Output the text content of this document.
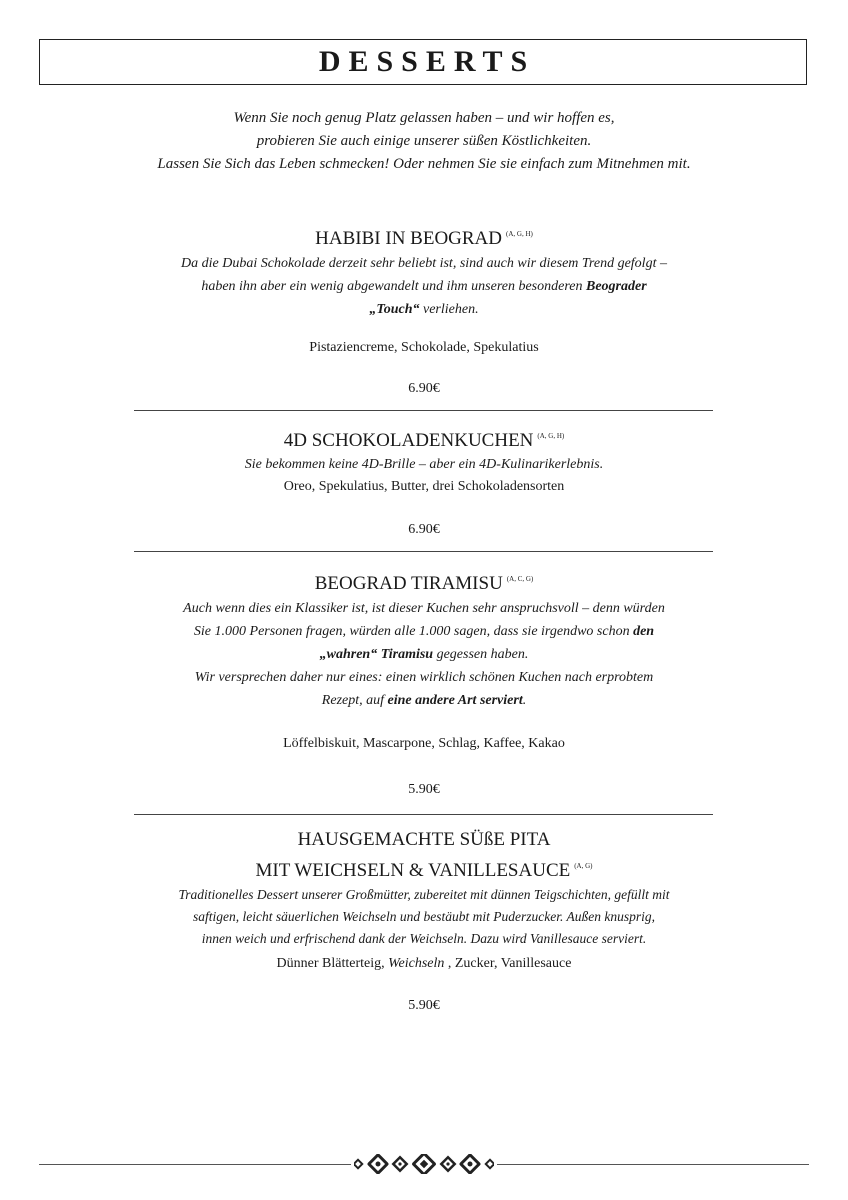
DESSERTS

Wenn Sie noch genug Platz gelassen haben – und wir hoffen es,

probieren Sie auch einige unserer süßen Köstlichkeiten.

Lassen Sie Sich das Leben schmecken! Oder nehmen Sie sie einfach zum Mitnehmen mit.

HABIBI IN BEOGRAD $^{(A, G, H)}$

Da die Dubai Schokolade derzeit sehr beliebt ist, sind auch wir diesem Trend gefolgt –

haben ihn aber ein wenig abgewandelt und ihm unseren besonderen Beograder

„Touch“ verliehen.

Pistaziencreme, Schokolade, Spekulatius

6.90€

4D SCHOKOLADENKUCHEN $^{(A, G, H)}$

Sie bekommen keine 4D-Brille – aber ein 4D-Kulinarikerlebnis.

Oreo, Spekulatius, Butter, drei Schokoladensorten

6.90€

BEOGRAD TIRAMISU $^{(A, C, G)}$

Auch wenn dies ein Klassiker ist, ist dieser Kuchen sehr anspruchsvoll – denn würden

Sie 1.000 Personen fragen, würden alle 1.000 sagen, dass sie irgendwo schon den

„wahren“ Tiramisu gegessen haben.

Wir versprechen daher nur eines: einen wirklich schönen Kuchen nach erprobtem

Rezept, auf eine andere Art serviert.

Löffelbiskuit, Mascarpone, Schlag, Kaffee, Kakao

5.90€

HAUSGEMACHTE SÜßE PITA
MIT WEICHSELN & VANILLESAUCE $^{(A, G)}$

Traditionelles Dessert unserer Großmütter, zubereitet mit dünnen Teigschichten, gefüllt mit

saftigen, leicht säuerlichen Weichseln und bestäubt mit Puderzucker. Außen knusprig,

innen weich und erfrischend dank der Weichseln. Dazu wird Vanillesauce serviert.

Dünner Blätterteig, Weichseln , Zucker, Vanillesauce

5.90€
